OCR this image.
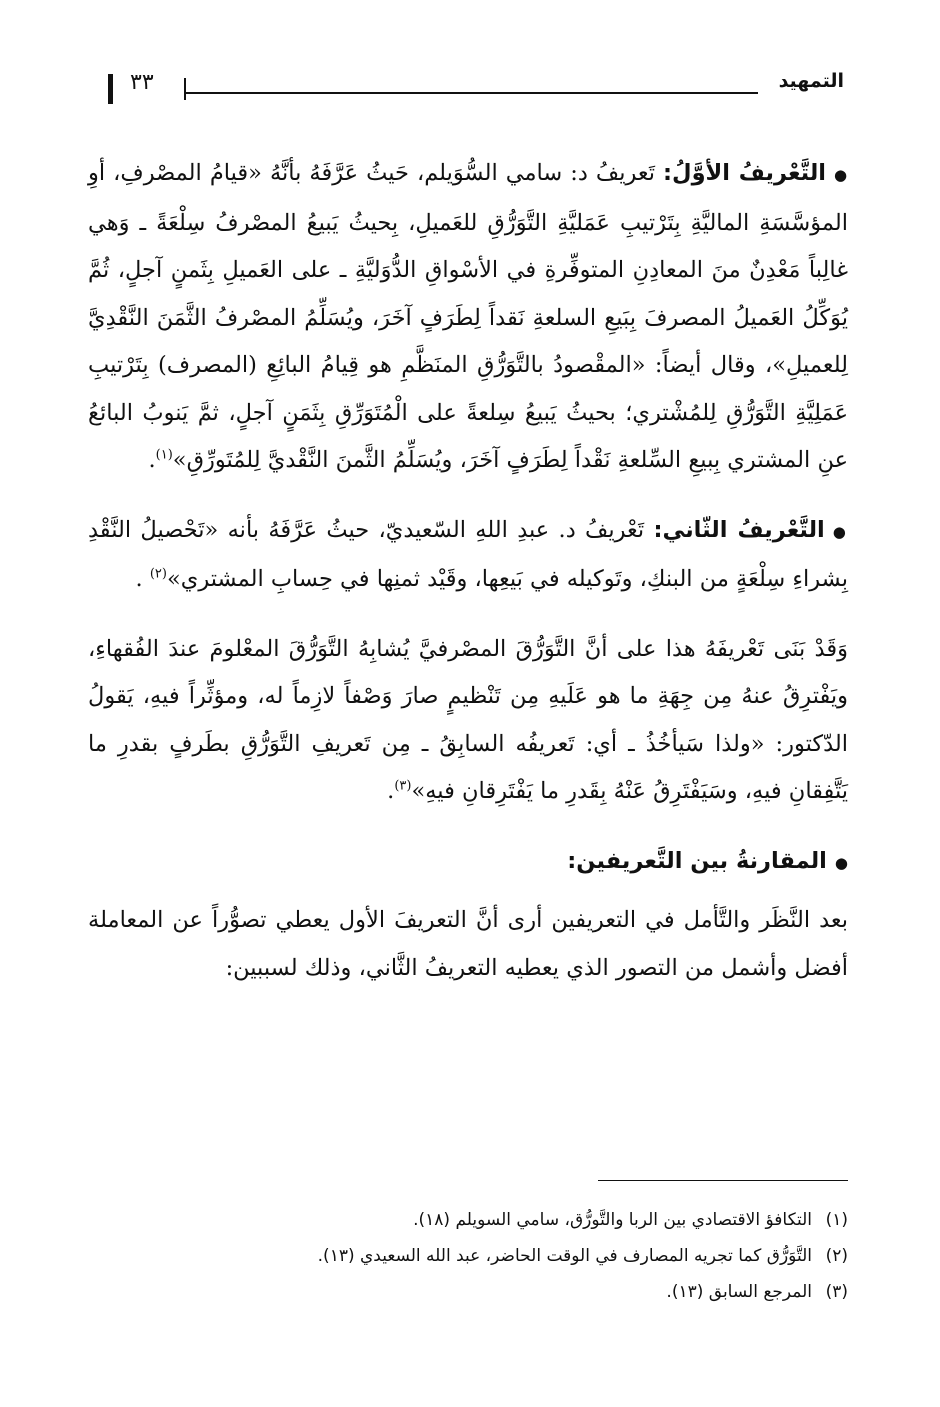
التمهيد
٣٣

●التَّعْريفُ الأوَّلُ: تَعريفُ د: سامي السُّوَيلم، حَيثُ عَرَّفَهُ بأنَّهُ «قيامُ المصْرفِ، أوِ المؤسَّسَةِ الماليَّةِ بِتَرْتيبِ عَمَليَّةِ التَّوَرُّقِ للعَميلِ، بِحيثُ يَبيعُ المصْرفُ سِلْعَةً ـ وَهي غالِباً مَعْدِنٌ منَ المعادِنِ المتوفِّرةِ في الأسْواقِ الدُّوَليَّةِ ـ على العَميلِ بِثَمنٍ آجلٍ، ثُمَّ يُوَكِّلُ العَميلُ المصرفَ بِبَيعِ السلعةِ نَقداً لِطَرَفٍ آخَرَ، ويُسَلِّمُ المصْرفُ الثَّمَنَ النَّقْدِيَّ لِلعميلِ»، وقال أيضاً: «المقْصودُ بالتَّوَرُّقِ المنَظَّمِ هو قِيامُ البائِعِ (المصرف) بِتَرْتيبِ عَمَلِيَّةِ التَّوَرُّقِ لِلمُشْتري؛ بحيثُ يَبيعُ سِلعةً على الْمُتَوَرِّقِ بِثَمَنٍ آجلٍ، ثمَّ يَنوبُ البائعُ عنِ المشتري بِبيعِ السِّلعةِ نَقْداً لِطَرَفٍ آخَرَ، ويُسَلِّمُ الثَّمنَ النَّقْديَّ لِلمُتَورِّقِ»$^{(١)}$.

●التَّعْريفُ الثّاني: تَعْريفُ د. عبدِ اللهِ السّعيديّ، حيثُ عَرَّفَهُ بأنه «تَحْصيلُ النَّقْدِ بِشراءِ سِلْعَةٍ من البنكِ، وتَوكيله في بَيعِها، وقَيْد ثمنِها في حِسابِ المشتري»$^{(٢)}$ .

وَقَدْ بَنَى تَعْريفَهُ هذا على أنَّ التَّوَرُّقَ المصْرفيَّ يُشابِهُ التَّوَرُّقَ المعْلومَ عندَ الفُقهاءِ، ويَفْترِقُ عنهُ مِن جِهَةِ ما هو عَلَيهِ مِن تَنْظيمٍ صارَ وَصْفاً لازِماً له، ومؤثِّراً فيهِ، يَقولُ الدّكتور: «ولذا سَيأخُذُ ـ أي: تَعريفُه السابِقُ ـ مِن تَعريفِ التَّوَرُّقِ بطَرفٍ بقدرِ ما يَتَّفِقانِ فيهِ، وسَيَفْتَرِقُ عَنْهُ بِقَدرِ ما يَفْتَرِقانِ فيهِ»$^{(٣)}$.

●المقارنةُ بين التَّعريفين:

بعد النَّظَر والتَّأمل في التعريفين أرى أنَّ التعريفَ الأول يعطي تصوُّراً عن المعاملة أفضل وأشمل من التصور الذي يعطيه التعريفُ الثَّاني، وذلك لسببين:

(١)التكافؤ الاقتصادي بين الربا والتَّورُّق، سامي السويلم (١٨).

(٢)التَّوَرُّق كما تجريه المصارف في الوقت الحاضر، عبد الله السعيدي (١٣).

(٣)المرجع السابق (١٣).
